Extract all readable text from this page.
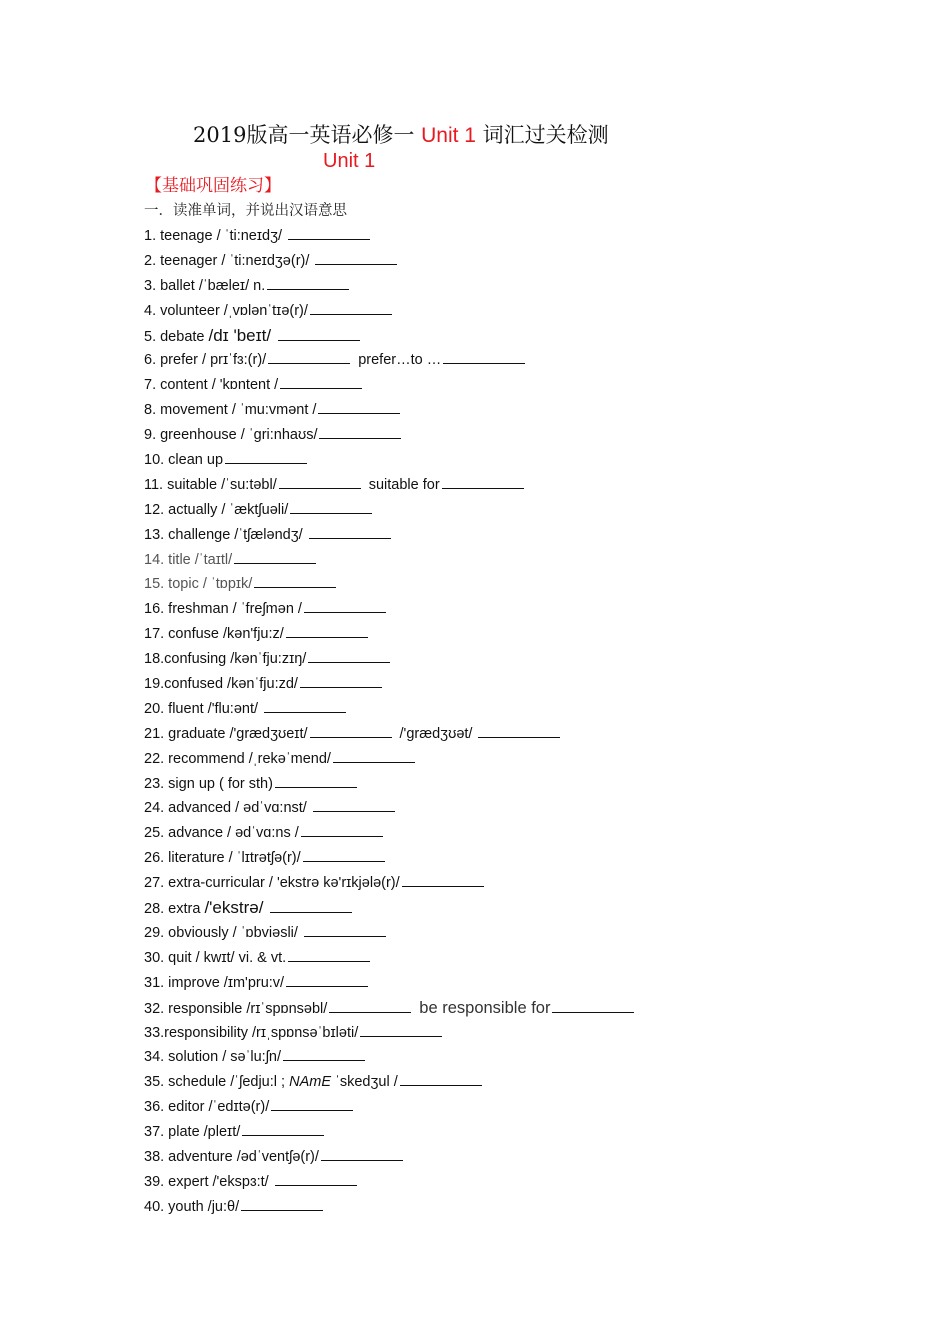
2019版高一英语必修一 Unit 1 词汇过关检测
Unit 1
【基础巩固练习】
一．读准单词，并说出汉语意思
1. teenage / ˈti:neɪdʒ/
2. teenager / ˈti:neɪdʒə(r)/
3. ballet /ˈbæleɪ/ n.
4. volunteer /ˌvɒlənˈtɪə(r)/
5. debate /dɪ 'beɪt/
6. prefer / prɪˈfɜ:(r)/	prefer…to …
7. content / 'kɒntent /
8. movement / ˈmu:vmənt /
9. greenhouse / ˈgri:nhaʊs/
10. clean up
11. suitable /ˈsu:təbl/	suitable for
12. actually / ˈæktʃuəli/
13. challenge /ˈtʃæləndʒ/
14. title /ˈtaɪtl/
15. topic / ˈtɒpɪk/
16. freshman / ˈfreʃmən /
17. confuse /kən'fju:z/
18.confusing /kənˈfju:zɪŋ/
19.confused /kənˈfju:zd/
20. fluent /'flu:ənt/
21. graduate /'grædʒʊeɪt/	/'grædʒʊət/
22. recommend /ˌrekəˈmend/
23. sign up ( for sth)
24. advanced / ədˈvɑ:nst/
25. advance / ədˈvɑ:ns /
26. literature / ˈlɪtrətʃə(r)/
27. extra-curricular / 'ekstrə kə'rɪkjələ(r)/
28. extra /'ekstrə/
29. obviously / ˈɒbviəsli/
30. quit / kwɪt/ vi. & vt.
31. improve /ɪm'pru:v/
32. responsible /rɪˈspɒnsəbl/	be responsible for
33.responsibility /rɪˌspɒnsəˈbɪləti/
34. solution / səˈlu:ʃn/
35. schedule /ˈʃedju:l ; NAmE ˈskedʒul /
36. editor /ˈedɪtə(r)/
37. plate /pleɪt/
38. adventure /ədˈventʃə(r)/
39. expert /'ekspɜ:t/
40. youth /ju:θ/
